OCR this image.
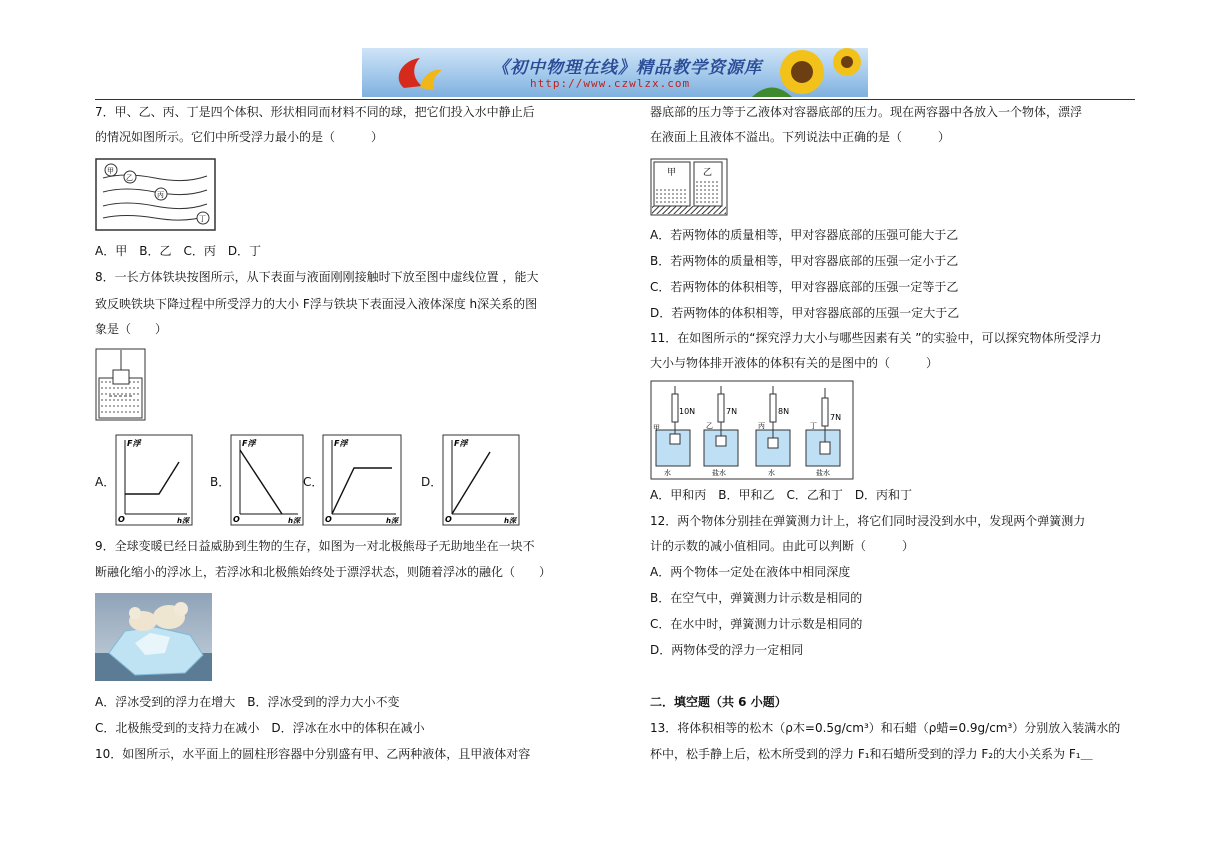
《初中物理在线》精品教学资源库
http://www.czwlzx.com
7．甲、乙、丙、丁是四个体积、形状相同而材料不同的球，把它们投入水中静止后
的情况如图所示。它们中所受浮力最小的是（　　　）
甲
乙
丙
丁
A．甲　B．乙　C．丙　D．丁
8．一长方体铁块按图所示，从下表面与液面刚刚接触时下放至图中虚线位置 ，能大
致反映铁块下降过程中所受浮力的大小 F浮与铁块下表面浸入液体深度 h深关系的图
象是（　　）
A．
F浮
h深
O
B．
F浮
h深
O
C．
F浮
h深
O
D．
F浮
h深
O
9．全球变暖已经日益威胁到生物的生存，如图为一对北极熊母子无助地坐在一块不
断融化缩小的浮冰上，若浮冰和北极熊始终处于漂浮状态，则随着浮冰的融化（　　）
A．浮冰受到的浮力在增大　B．浮冰受到的浮力大小不变
C．北极熊受到的支持力在减小　D．浮冰在水中的体积在减小
10．如图所示，水平面上的圆柱形容器中分别盛有甲、乙两种液体，且甲液体对容
器底部的压力等于乙液体对容器底部的压力。现在两容器中各放入一个物体，漂浮
在液面上且液体不溢出。下列说法中正确的是（　　　）
甲	乙
A．若两物体的质量相等，甲对容器底部的压强可能大于乙
B．若两物体的质量相等，甲对容器底部的压强一定小于乙
C．若两物体的体积相等，甲对容器底部的压强一定等于乙
D．若两物体的体积相等，甲对容器底部的压强一定大于乙
11．在如图所示的“探究浮力大小与哪些因素有关 ”的实验中，可以探究物体所受浮力
大小与物体排开液体的体积有关的是图中的（　　　）
10N
甲
水
7N
乙
盐水
8N
丙
水
7N
丁
盐水
A．甲和丙　B．甲和乙　C．乙和丁　D．丙和丁
12．两个物体分别挂在弹簧测力计上，将它们同时浸没到水中，发现两个弹簧测力
计的示数的减小值相同。由此可以判断（　　　）
A．两个物体一定处在液体中相同深度
B．在空气中，弹簧测力计示数是相同的
C．在水中时，弹簧测力计示数是相同的
D．两物体受的浮力一定相同
二．填空题（共 6 小题）
13．将体积相等的松木（ρ木=0.5g/cm³）和石蜡（ρ蜡=0.9g/cm³）分别放入装满水的
杯中，松手静上后，松木所受到的浮力 F₁和石蜡所受到的浮力 F₂的大小关系为 F₁＿
